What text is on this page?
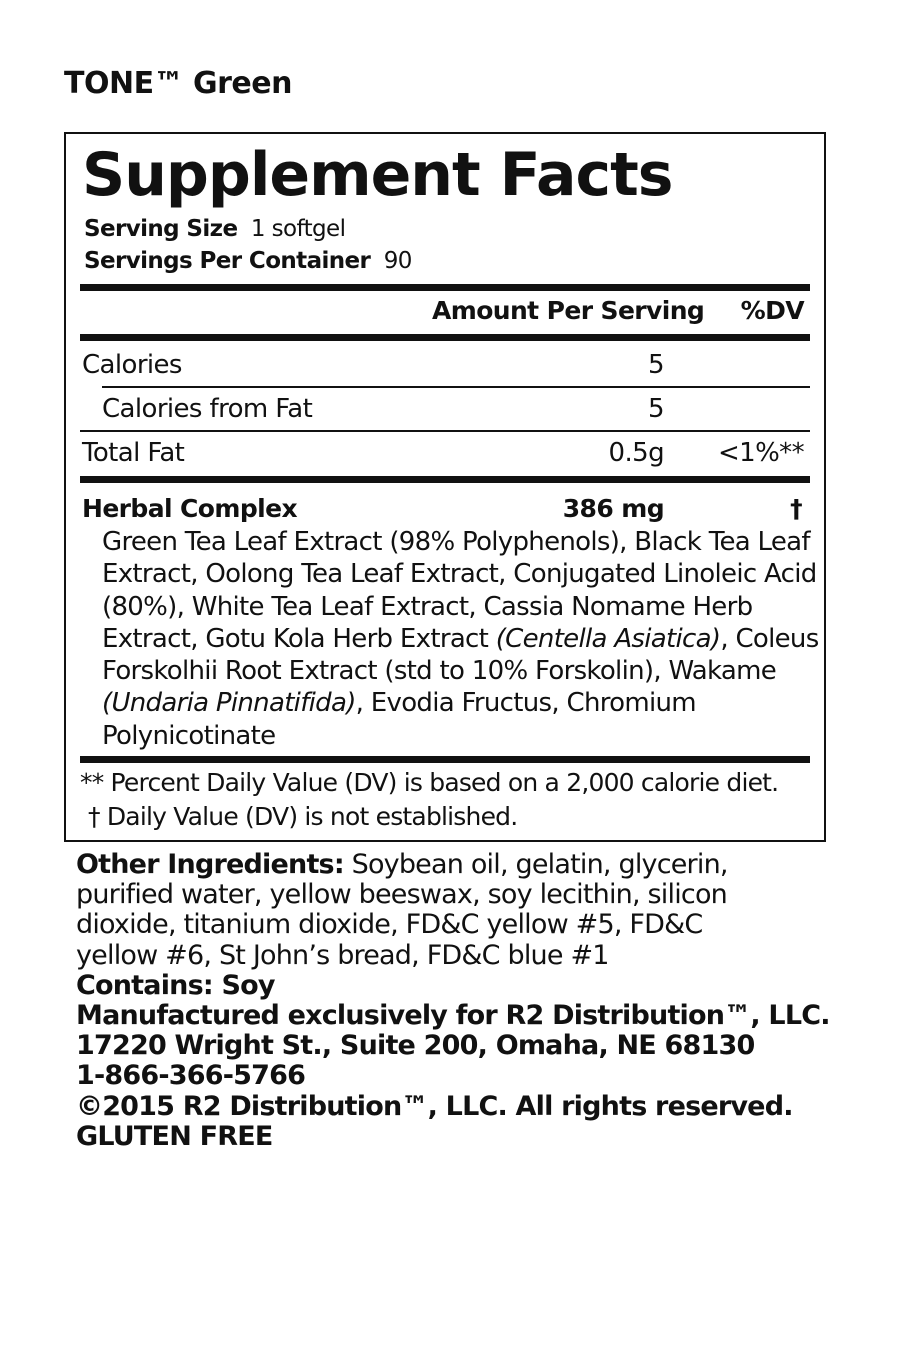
TONE™ Green
Supplement Facts
Serving Size 1 softgel
Servings Per Container 90
Amount Per Serving %DV
Calories	5
Calories from Fat	5
Total Fat	0.5g <1%**
Herbal Complex	386 mg	†
Green Tea Leaf Extract (98% Polyphenols), Black Tea Leaf Extract, Oolong Tea Leaf Extract, Conjugated Linoleic Acid (80%), White Tea Leaf Extract, Cassia Nomame Herb Extract, Gotu Kola Herb Extract (Centella Asiatica), Coleus Forskolhii Root Extract (std to 10% Forskolin), Wakame (Undaria Pinnatifida), Evodia Fructus, Chromium Polynicotinate
** Percent Daily Value (DV) is based on a 2,000 calorie diet.
† Daily Value (DV) is not established.
Other Ingredients: Soybean oil, gelatin, glycerin,
purified water, yellow beeswax, soy lecithin, silicon
dioxide, titanium dioxide, FD&C yellow #5, FD&C
yellow #6, St John’s bread, FD&C blue #1
Contains: Soy
Manufactured exclusively for R2 Distribution™, LLC.
17220 Wright St., Suite 200, Omaha, NE 68130
1-866-366-5766
©2015 R2 Distribution™, LLC. All rights reserved.
GLUTEN FREE
